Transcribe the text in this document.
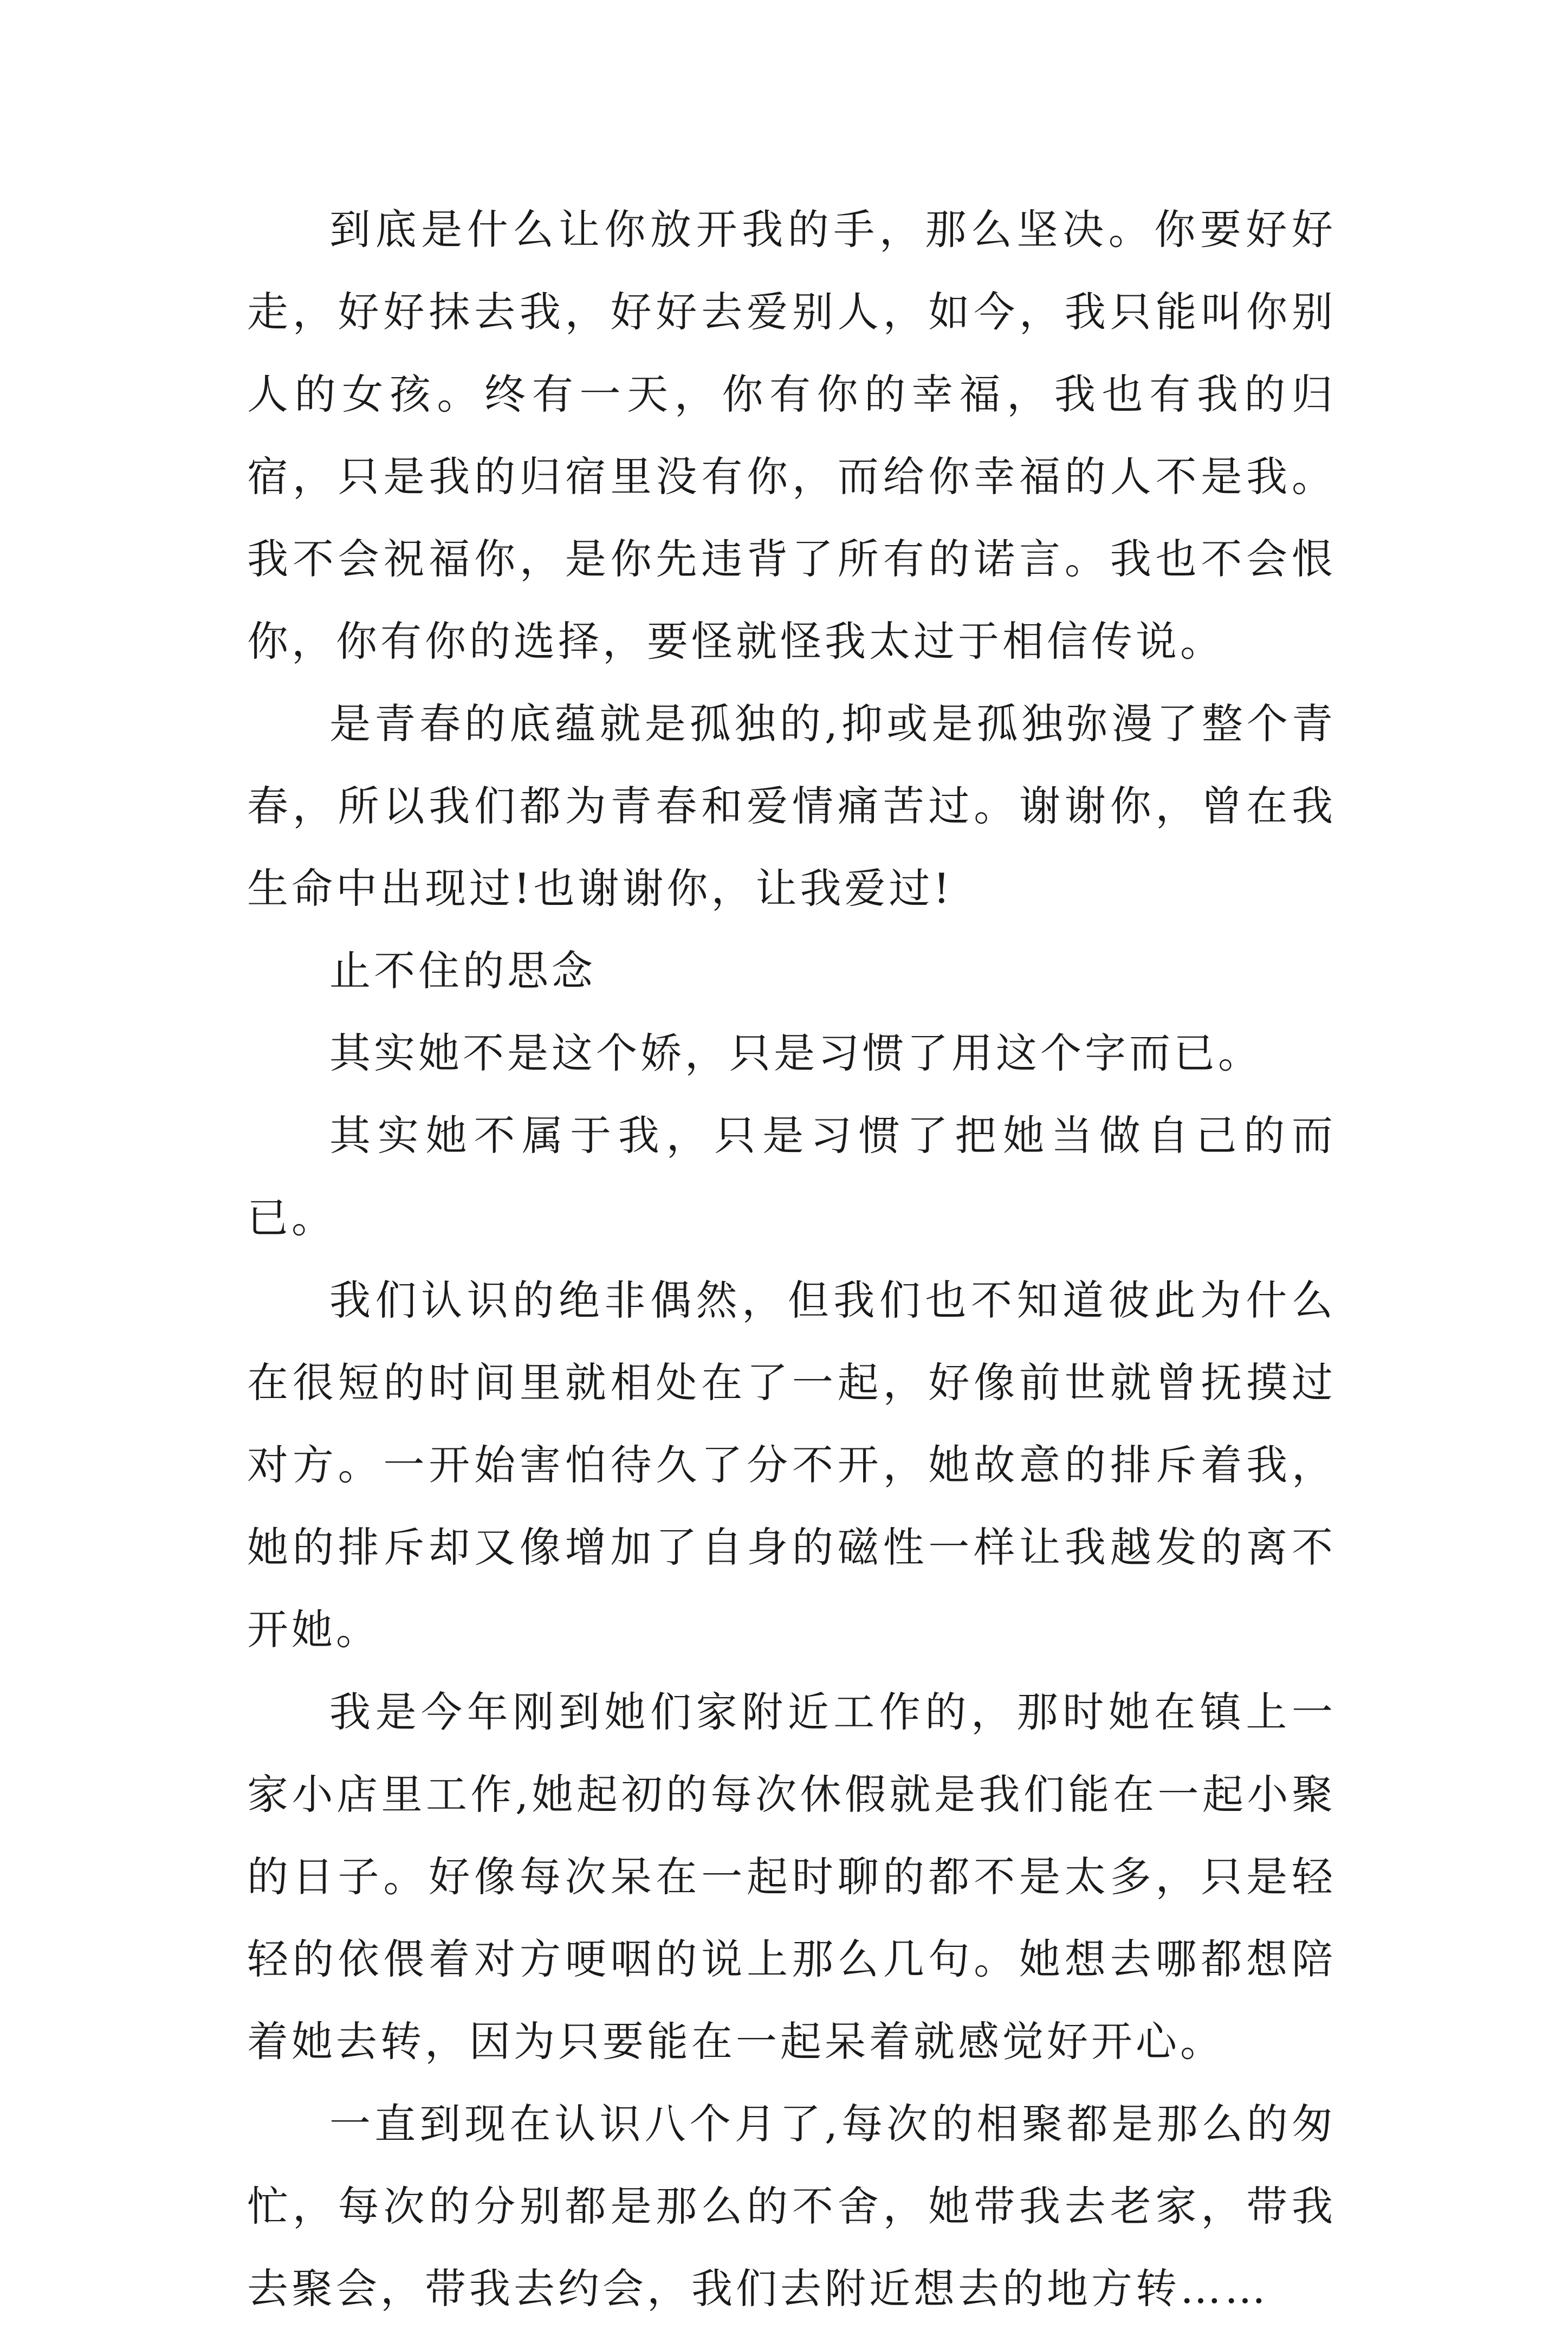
到底是什么让你放开我的手，那么坚决。你要好好走，好好抹去我，好好去爱别人，如今，我只能叫你别人的女孩。终有一天，你有你的幸福，我也有我的归宿，只是我的归宿里没有你，而给你幸福的人不是我。我不会祝福你，是你先违背了所有的诺言。我也不会恨你，你有你的选择，要怪就怪我太过于相信传说。

是青春的底蕴就是孤独的,抑或是孤独弥漫了整个青春，所以我们都为青春和爱情痛苦过。谢谢你，曾在我生命中出现过!也谢谢你，让我爱过!

止不住的思念

其实她不是这个娇，只是习惯了用这个字而已。

其实她不属于我，只是习惯了把她当做自己的而已。

我们认识的绝非偶然，但我们也不知道彼此为什么在很短的时间里就相处在了一起，好像前世就曾抚摸过对方。一开始害怕待久了分不开，她故意的排斥着我，她的排斥却又像增加了自身的磁性一样让我越发的离不开她。

我是今年刚到她们家附近工作的，那时她在镇上一家小店里工作,她起初的每次休假就是我们能在一起小聚的日子。好像每次呆在一起时聊的都不是太多，只是轻轻的依偎着对方哽咽的说上那么几句。她想去哪都想陪着她去转，因为只要能在一起呆着就感觉好开心。

一直到现在认识八个月了,每次的相聚都是那么的匆忙，每次的分别都是那么的不舍，她带我去老家，带我去聚会，带我去约会，我们去附近想去的地方转……
